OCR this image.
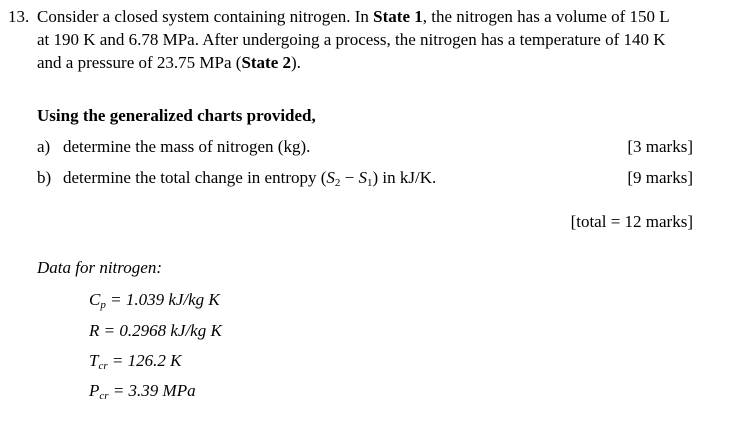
13. Consider a closed system containing nitrogen. In State 1, the nitrogen has a volume of 150 L
at 190 K and 6.78 MPa. After undergoing a process, the nitrogen has a temperature of 140 K
and a pressure of 23.75 MPa (State 2).
Using the generalized charts provided,
a) determine the mass of nitrogen (kg).	[3 marks]
b) determine the total change in entropy $(S_2 - S_1)$ in kJ/K.	[9 marks]
[total = 12 marks]
Data for nitrogen:
$C_p = 1.039$ kJ/kg K
R = 0.2968 kJ/kg K
$T_{cr} = 126.2$ K
$P_{cr} = 3.39$ MPa
